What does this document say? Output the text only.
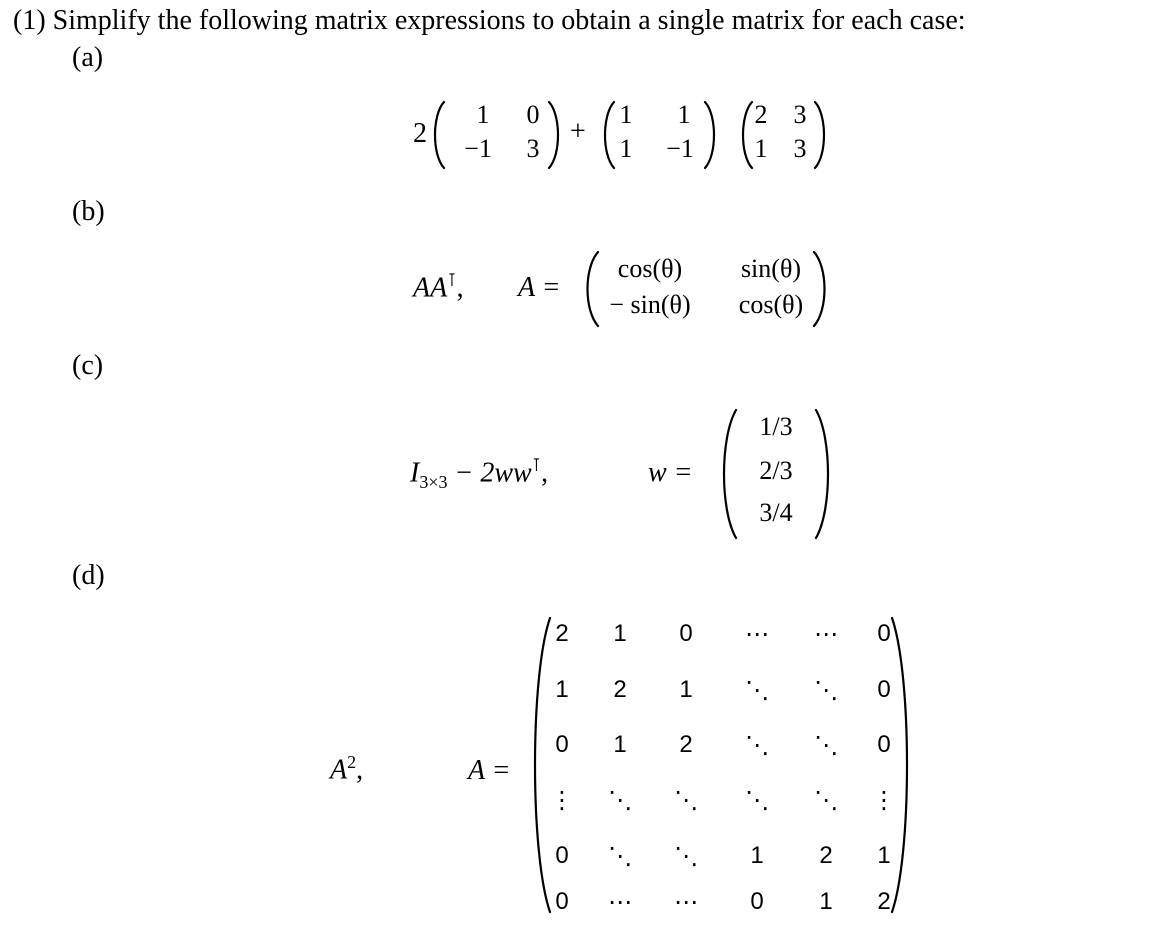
(1) Simplify the following matrix expressions to obtain a single matrix for each case:
(a)
2
1	0
−1	3
+
1	1
1	−1
2	3
1	3
(b)
AA⊺, A =
cos(θ)	sin(θ)
− sin(θ)	cos(θ)
(c)
$I_{3\times 3} - 2ww^⊺$,	w =
1/3
2/3
3/4
(d)
$A^2$,	A =
2	1	0	⋯	⋯	0
1	2	1	⋱	⋱	0
0	1	2	⋱	⋱	0
⋮	⋱	⋱	⋱	⋱	⋮
0	⋱	⋱	1	2	1
0	⋯	⋯	0	1	2
